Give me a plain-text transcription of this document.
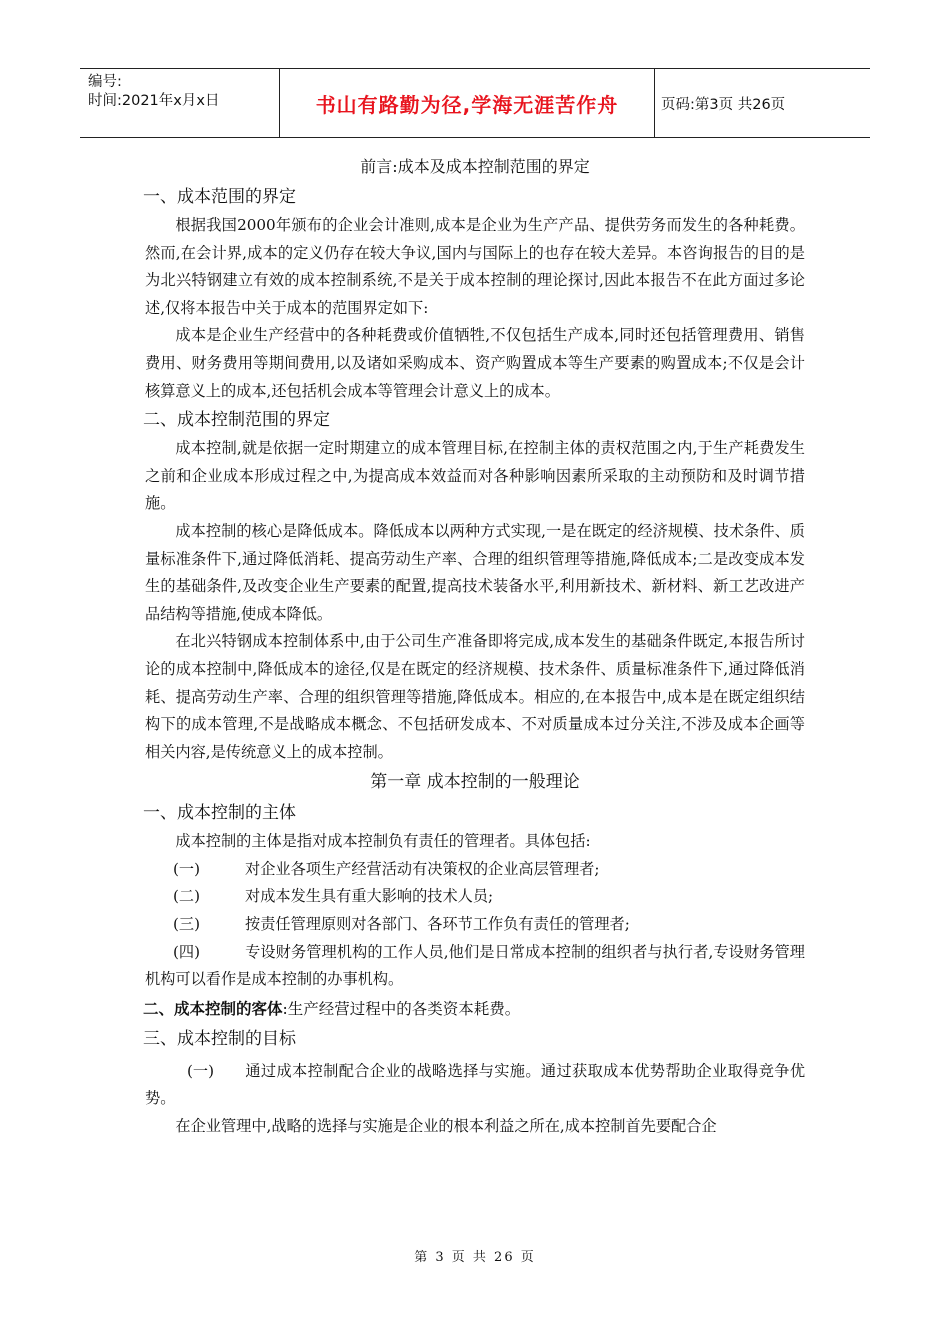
编号:
时间:2021年x月x日	书山有路勤为径,学海无涯苦作舟	页码:第3页 共26页

前言:成本及成本控制范围的界定

一、成本范围的界定

根据我国2000年颁布的企业会计准则,成本是企业为生产产品、提供劳务而发生的各种耗费。然而,在会计界,成本的定义仍存在较大争议,国内与国际上的也存在较大差异。本咨询报告的目的是为北兴特钢建立有效的成本控制系统,不是关于成本控制的理论探讨,因此本报告不在此方面过多论述,仅将本报告中关于成本的范围界定如下:

成本是企业生产经营中的各种耗费或价值牺牲,不仅包括生产成本,同时还包括管理费用、销售费用、财务费用等期间费用,以及诸如采购成本、资产购置成本等生产要素的购置成本;不仅是会计核算意义上的成本,还包括机会成本等管理会计意义上的成本。

二、成本控制范围的界定

成本控制,就是依据一定时期建立的成本管理目标,在控制主体的责权范围之内,于生产耗费发生之前和企业成本形成过程之中,为提高成本效益而对各种影响因素所采取的主动预防和及时调节措施。

成本控制的核心是降低成本。降低成本以两种方式实现,一是在既定的经济规模、技术条件、质量标准条件下,通过降低消耗、提高劳动生产率、合理的组织管理等措施,降低成本;二是改变成本发生的基础条件,及改变企业生产要素的配置,提高技术装备水平,利用新技术、新材料、新工艺改进产品结构等措施,使成本降低。

在北兴特钢成本控制体系中,由于公司生产准备即将完成,成本发生的基础条件既定,本报告所讨论的成本控制中,降低成本的途径,仅是在既定的经济规模、技术条件、质量标准条件下,通过降低消耗、提高劳动生产率、合理的组织管理等措施,降低成本。相应的,在本报告中,成本是在既定组织结构下的成本管理,不是战略成本概念、不包括研发成本、不对质量成本过分关注,不涉及成本企画等相关内容,是传统意义上的成本控制。

第一章 成本控制的一般理论

一、成本控制的主体

成本控制的主体是指对成本控制负有责任的管理者。具体包括:

(一)	对企业各项生产经营活动有决策权的企业高层管理者;

(二)	对成本发生具有重大影响的技术人员;

(三)	按责任管理原则对各部门、各环节工作负有责任的管理者;

(四)	专设财务管理机构的工作人员,他们是日常成本控制的组织者与执行者,专设财务管理机构可以看作是成本控制的办事机构。

二、成本控制的客体:生产经营过程中的各类资本耗费。

三、成本控制的目标

(一) 通过成本控制配合企业的战略选择与实施。通过获取成本优势帮助企业取得竞争优势。

在企业管理中,战略的选择与实施是企业的根本利益之所在,成本控制首先要配合企

第 3 页 共 26 页
